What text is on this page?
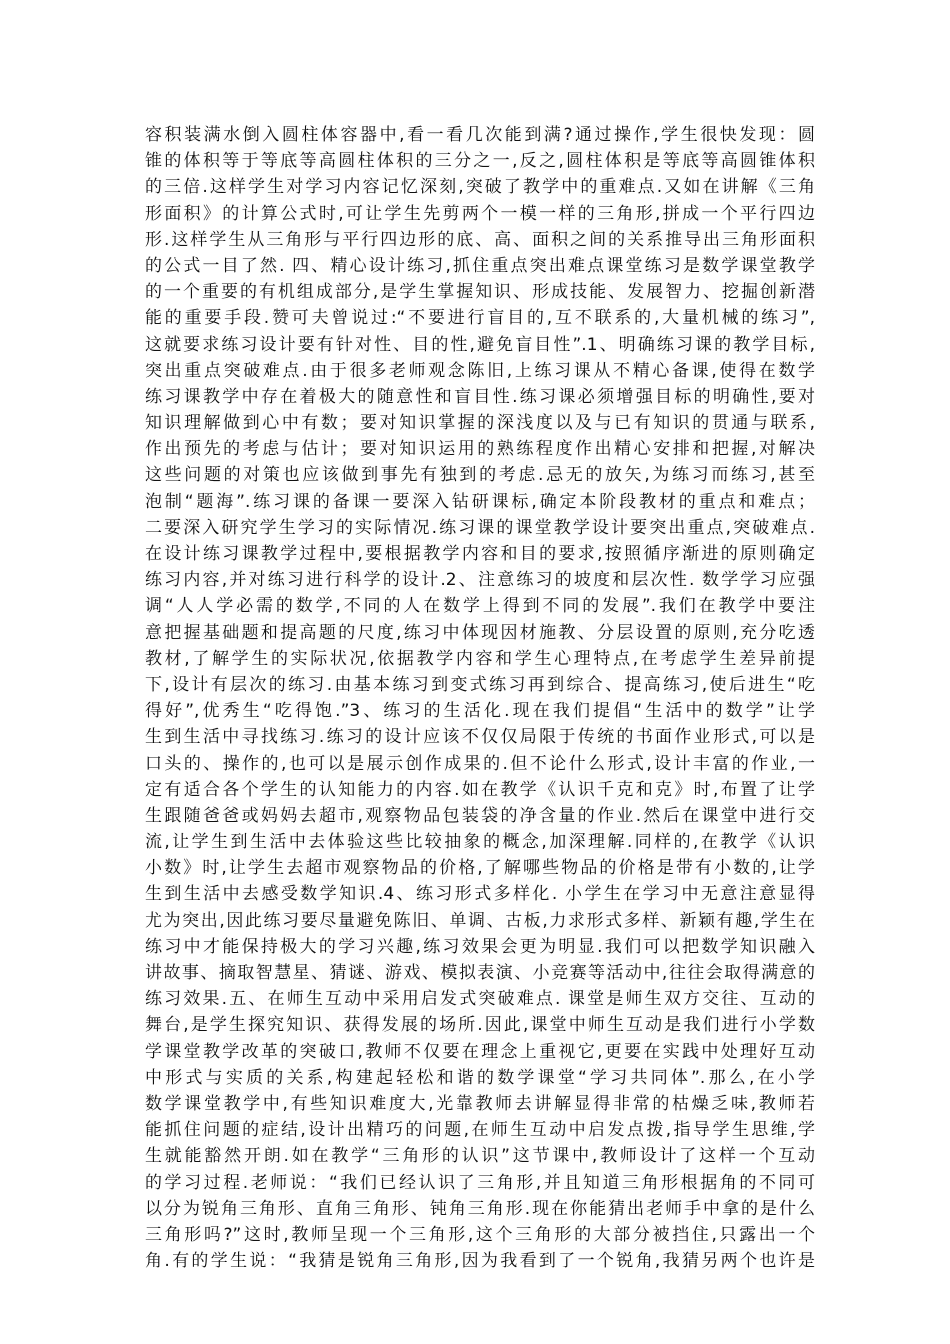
容积装满水倒入圆柱体容器中,看一看几次能到满?通过操作,学生很快发现：圆
锥的体积等于等底等高圆柱体积的三分之一,反之,圆柱体积是等底等高圆锥体积
的三倍.这样学生对学习内容记忆深刻,突破了教学中的重难点.又如在讲解《三角
形面积》的计算公式时,可让学生先剪两个一模一样的三角形,拼成一个平行四边
形.这样学生从三角形与平行四边形的底、高、面积之间的关系推导出三角形面积
的公式一目了然. 四、精心设计练习,抓住重点突出难点课堂练习是数学课堂教学
的一个重要的有机组成部分,是学生掌握知识、形成技能、发展智力、挖掘创新潜
能的重要手段.赞可夫曾说过:“不要进行盲目的,互不联系的,大量机械的练习”,
这就要求练习设计要有针对性、目的性,避免盲目性”.1、明确练习课的教学目标,
突出重点突破难点.由于很多老师观念陈旧,上练习课从不精心备课,使得在数学
练习课教学中存在着极大的随意性和盲目性.练习课必须增强目标的明确性,要对
知识理解做到心中有数；要对知识掌握的深浅度以及与已有知识的贯通与联系,
作出预先的考虑与估计；要对知识运用的熟练程度作出精心安排和把握,对解决
这些问题的对策也应该做到事先有独到的考虑.忌无的放矢,为练习而练习,甚至
泡制“题海”.练习课的备课一要深入钻研课标,确定本阶段教材的重点和难点；
二要深入研究学生学习的实际情况.练习课的课堂教学设计要突出重点,突破难点.
在设计练习课教学过程中,要根据教学内容和目的要求,按照循序渐进的原则确定
练习内容,并对练习进行科学的设计.2、注意练习的坡度和层次性. 数学学习应强
调“人人学必需的数学,不同的人在数学上得到不同的发展”.我们在教学中要注
意把握基础题和提高题的尺度,练习中体现因材施教、分层设置的原则,充分吃透
教材,了解学生的实际状况,依据教学内容和学生心理特点,在考虑学生差异前提
下,设计有层次的练习.由基本练习到变式练习再到综合、提高练习,使后进生“吃
得好”,优秀生“吃得饱.”3、练习的生活化.现在我们提倡“生活中的数学”让学
生到生活中寻找练习.练习的设计应该不仅仅局限于传统的书面作业形式,可以是
口头的、操作的,也可以是展示创作成果的.但不论什么形式,设计丰富的作业,一
定有适合各个学生的认知能力的内容.如在教学《认识千克和克》时,布置了让学
生跟随爸爸或妈妈去超市,观察物品包装袋的净含量的作业.然后在课堂中进行交
流,让学生到生活中去体验这些比较抽象的概念,加深理解.同样的,在教学《认识
小数》时,让学生去超市观察物品的价格,了解哪些物品的价格是带有小数的,让学
生到生活中去感受数学知识.4、练习形式多样化. 小学生在学习中无意注意显得
尤为突出,因此练习要尽量避免陈旧、单调、古板,力求形式多样、新颖有趣,学生在
练习中才能保持极大的学习兴趣,练习效果会更为明显.我们可以把数学知识融入
讲故事、摘取智慧星、猜谜、游戏、模拟表演、小竞赛等活动中,往往会取得满意的
练习效果.五、在师生互动中采用启发式突破难点. 课堂是师生双方交往、互动的
舞台,是学生探究知识、获得发展的场所.因此,课堂中师生互动是我们进行小学数
学课堂教学改革的突破口,教师不仅要在理念上重视它,更要在实践中处理好互动
中形式与实质的关系,构建起轻松和谐的数学课堂“学习共同体”.那么,在小学
数学课堂教学中,有些知识难度大,光靠教师去讲解显得非常的枯燥乏味,教师若
能抓住问题的症结,设计出精巧的问题,在师生互动中启发点拨,指导学生思维,学
生就能豁然开朗.如在教学“三角形的认识”这节课中,教师设计了这样一个互动
的学习过程.老师说：“我们已经认识了三角形,并且知道三角形根据角的不同可
以分为锐角三角形、直角三角形、钝角三角形.现在你能猜出老师手中拿的是什么
三角形吗?”这时,教师呈现一个三角形,这个三角形的大部分被挡住,只露出一个
角.有的学生说：“我猜是锐角三角形,因为我看到了一个锐角,我猜另两个也许是
